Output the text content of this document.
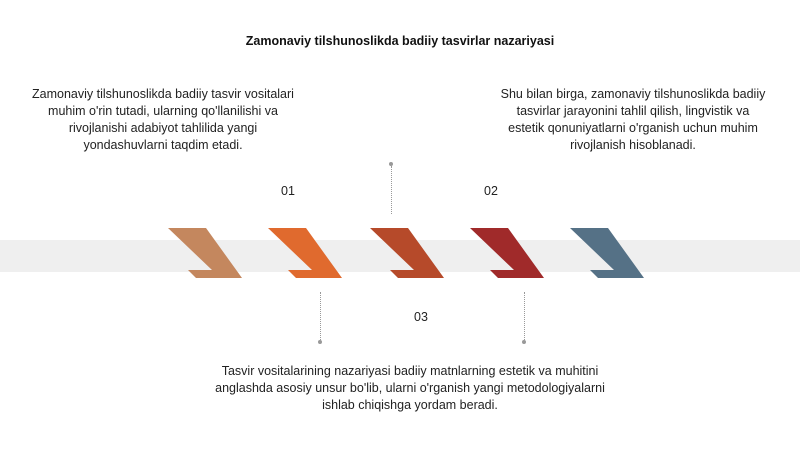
Zamonaviy tilshunoslikda badiiy tasvirlar nazariyasi
Zamonaviy tilshunoslikda badiiy tasvir vositalari muhim o'rin tutadi, ularning qo'llanilishi va rivojlanishi adabiyot tahlilida yangi yondashuvlarni taqdim etadi.
Shu bilan birga, zamonaviy tilshunoslikda badiiy tasvirlar jarayonini tahlil qilish, lingvistik va estetik qonuniyatlarni o'rganish uchun muhim rivojlanish hisoblanadi.
Tasvir vositalarining nazariyasi badiiy matnlarning estetik va muhitini anglashda asosiy unsur bo'lib, ularni o'rganish yangi metodologiyalarni ishlab chiqishga yordam beradi.
01	02
03
